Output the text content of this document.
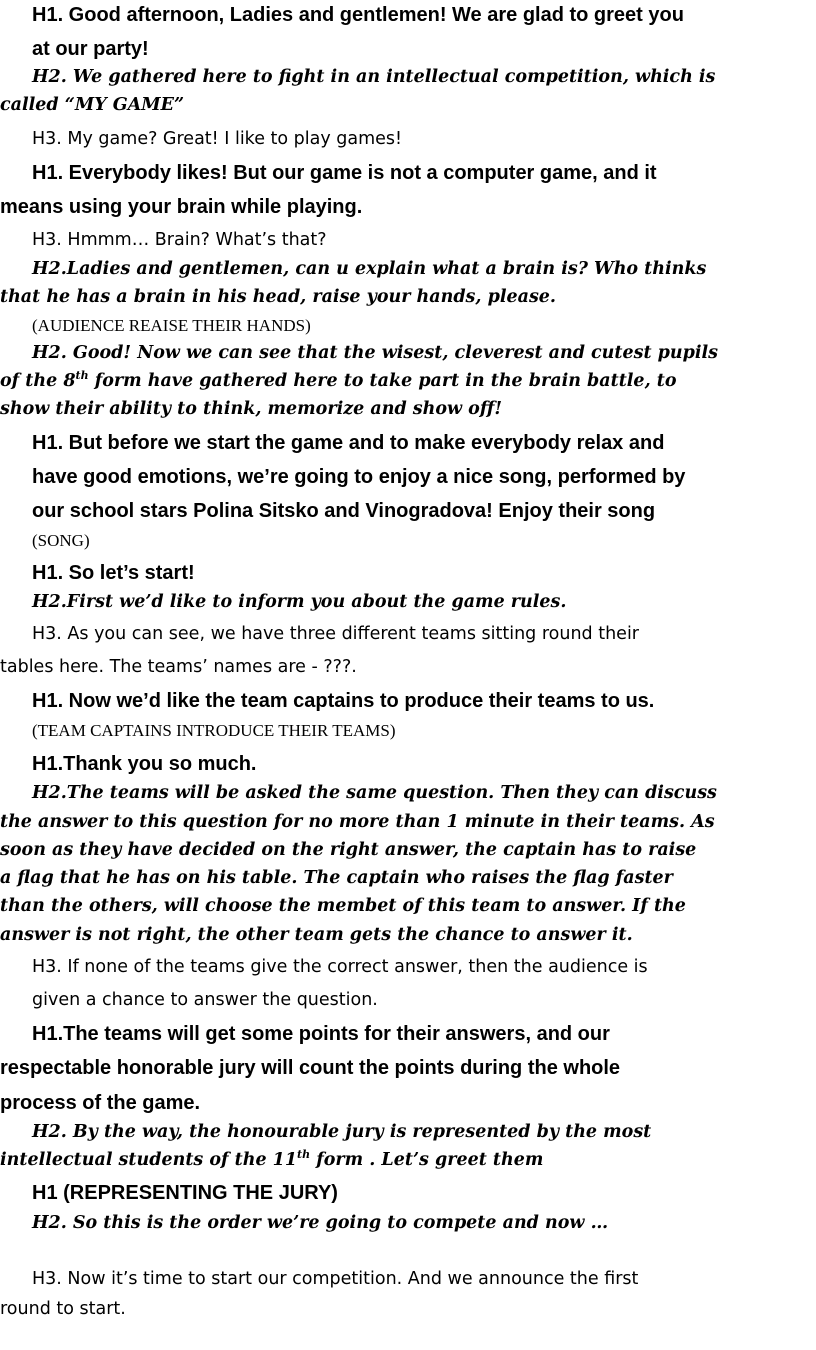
H1. Good afternoon, Ladies and gentlemen! We are glad to greet you
at our party!
H2. We gathered here to fight in an intellectual competition, which is
called “MY GAME”
H3. My game? Great! I like to play games!
H1. Everybody likes! But our game is not a computer game, and it
means using your brain while playing.
H3. Hmmm… Brain? What’s that?
H2.Ladies and gentlemen, can u explain what a brain is? Who thinks
that he has a brain in his head, raise your hands, please.
(AUDIENCE REAISE THEIR HANDS)
H2. Good! Now we can see that the wisest, cleverest and cutest pupils
of the 8th form have gathered here to take part in the brain battle, to
show their ability to think, memorize and show off!
H1. But before we start the game and to make everybody relax and
have good emotions, we’re going to enjoy a nice song, performed by
our school stars Polina Sitsko and Vinogradova! Enjoy their song
(SONG)
H1. So let’s start!
H2.First we’d like to inform you about the game rules.
H3. As you can see, we have three different teams sitting round their
tables here. The teams’ names are - ???.
H1. Now we’d like the team captains to produce their teams to us.
(TEAM CAPTAINS INTRODUCE THEIR TEAMS)
H1.Thank you so much.
H2.The teams will be asked the same question. Then they can discuss
the answer to this question for no more than 1 minute in their teams. As
soon as they have decided on the right answer, the captain has to raise
a flag that he has on his table. The captain who raises the flag faster
than the others, will choose the membet of this team to answer. If the
answer is not right, the other team gets the chance to answer it.
H3. If none of the teams give the correct answer, then the audience is
given a chance to answer the question.
H1.The teams will get some points for their answers, and our
respectable honorable jury will count the points during the whole
process of the game.
H2. By the way, the honourable jury is represented by the most
intellectual students of the 11th form . Let’s greet them
H1 (REPRESENTING THE JURY)
H2. So this is the order we’re going to compete and now …
H3. Now it’s time to start our competition. And we announce the first
round to start.
